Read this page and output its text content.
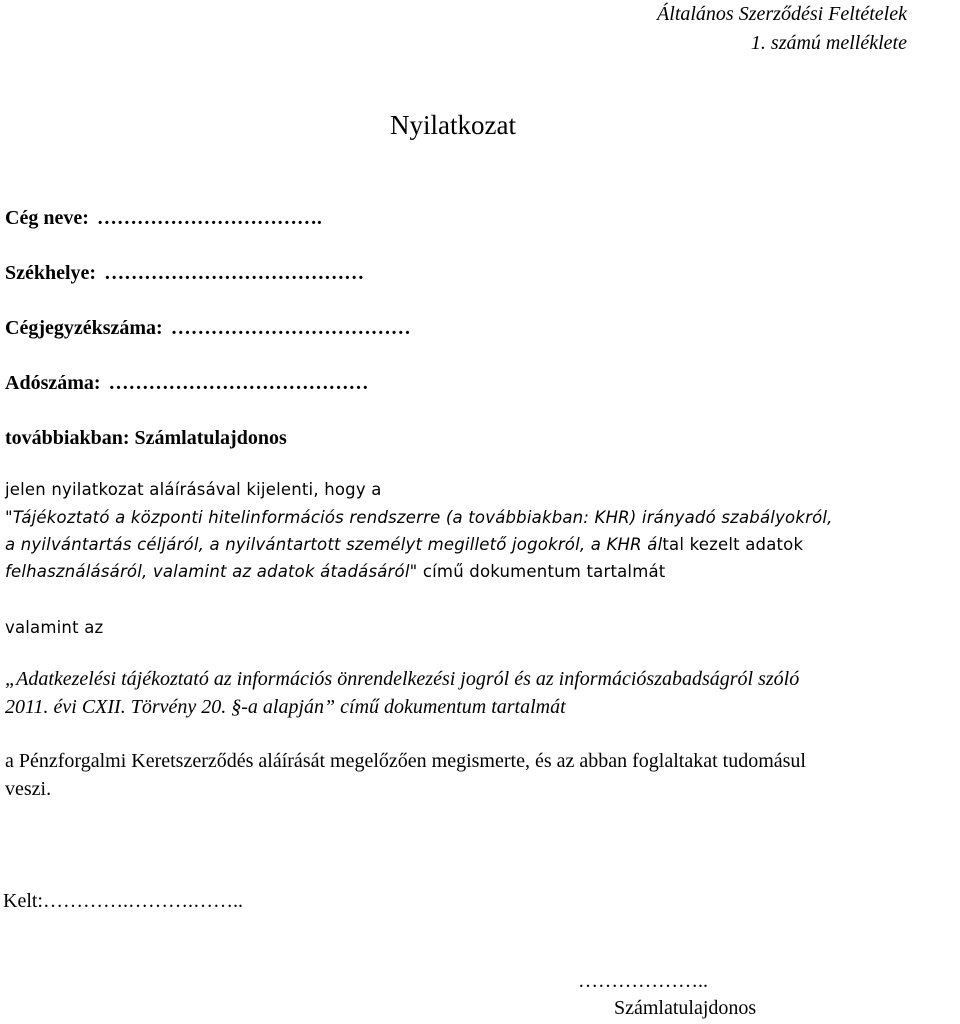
Általános Szerződési Feltételek
1. számú melléklete
Nyilatkozat
Cég neve: …………………………….
Székhelye: …………………………………
Cégjegyzékszáma: ………………………………
Adószáma: …………………………………
továbbiakban: Számlatulajdonos
jelen nyilatkozat aláírásával kijelenti, hogy a
"Tájékoztató a központi hitelinformációs rendszerre (a továbbiakban: KHR) irányadó szabályokról,
a nyilvántartás céljáról, a nyilvántartott személyt megillető jogokról, a KHR által kezelt adatok
felhasználásáról, valamint az adatok átadásáról" című dokumentum tartalmát
valamint az
„Adatkezelési tájékoztató az információs önrendelkezési jogról és az információszabadságról szóló
2011. évi CXII. Törvény 20. §-a alapján” című dokumentum tartalmát
a Pénzforgalmi Keretszerződés aláírását megelőzően megismerte, és az abban foglaltakat tudomásul
veszi.
Kelt:………….……….……..
………………..
Számlatulajdonos
